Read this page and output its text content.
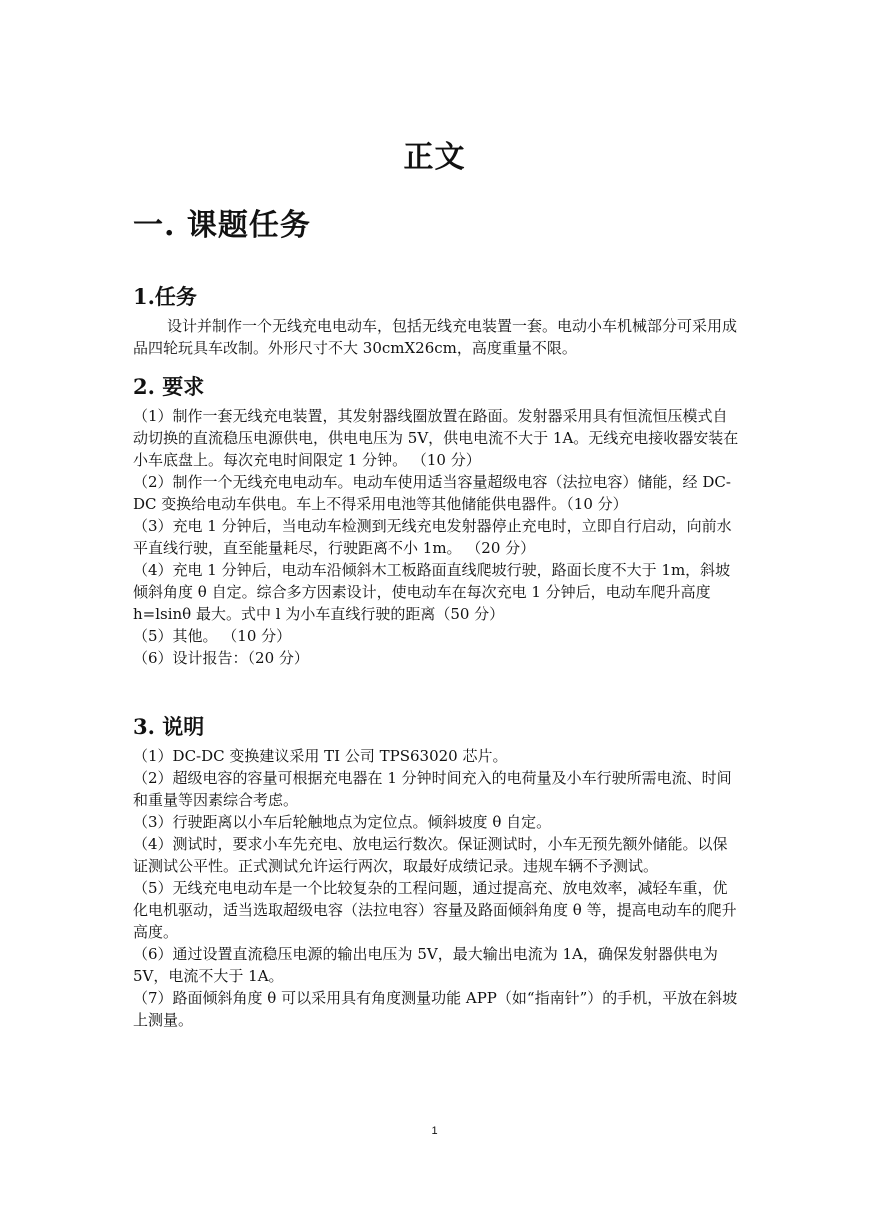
正文
一. 课题任务
1.任务

设计并制作一个无线充电电动车，包括无线充电装置一套。电动小车机械部分可采用成品四轮玩具车改制。外形尺寸不大 30cmX26cm，高度重量不限。

2. 要求

（1）制作一套无线充电装置，其发射器线圈放置在路面。发射器采用具有恒流恒压模式自动切换的直流稳压电源供电，供电电压为 5V，供电电流不大于 1A。无线充电接收器安装在小车底盘上。每次充电时间限定 1 分钟。 （10 分）
（2）制作一个无线充电电动车。电动车使用适当容量超级电容（法拉电容）储能，经 DC-DC 变换给电动车供电。车上不得采用电池等其他储能供电器件。（10 分）
（3）充电 1 分钟后，当电动车检测到无线充电发射器停止充电时，立即自行启动，向前水平直线行驶，直至能量耗尽，行驶距离不小 1m。 （20 分）
（4）充电 1 分钟后，电动车沿倾斜木工板路面直线爬坡行驶，路面长度不大于 1m，斜坡倾斜角度 θ 自定。综合多方因素设计，使电动车在每次充电 1 分钟后，电动车爬升高度 h=lsinθ 最大。式中 l 为小车直线行驶的距离（50 分）
（5）其他。 （10 分）
（6）设计报告：（20 分）

3. 说明

（1）DC-DC 变换建议采用 TI 公司 TPS63020 芯片。
（2）超级电容的容量可根据充电器在 1 分钟时间充入的电荷量及小车行驶所需电流、时间和重量等因素综合考虑。
（3）行驶距离以小车后轮触地点为定位点。倾斜坡度 θ 自定。
（4）测试时，要求小车先充电、放电运行数次。保证测试时，小车无预先额外储能。以保证测试公平性。正式测试允许运行两次，取最好成绩记录。违规车辆不予测试。
（5）无线充电电动车是一个比较复杂的工程问题，通过提高充、放电效率，减轻车重，优化电机驱动，适当选取超级电容（法拉电容）容量及路面倾斜角度 θ 等，提高电动车的爬升高度。
（6）通过设置直流稳压电源的输出电压为 5V，最大输出电流为 1A，确保发射器供电为 5V，电流不大于 1A。
（7）路面倾斜角度 θ 可以采用具有角度测量功能 APP（如“指南针”）的手机，平放在斜坡上测量。

1
